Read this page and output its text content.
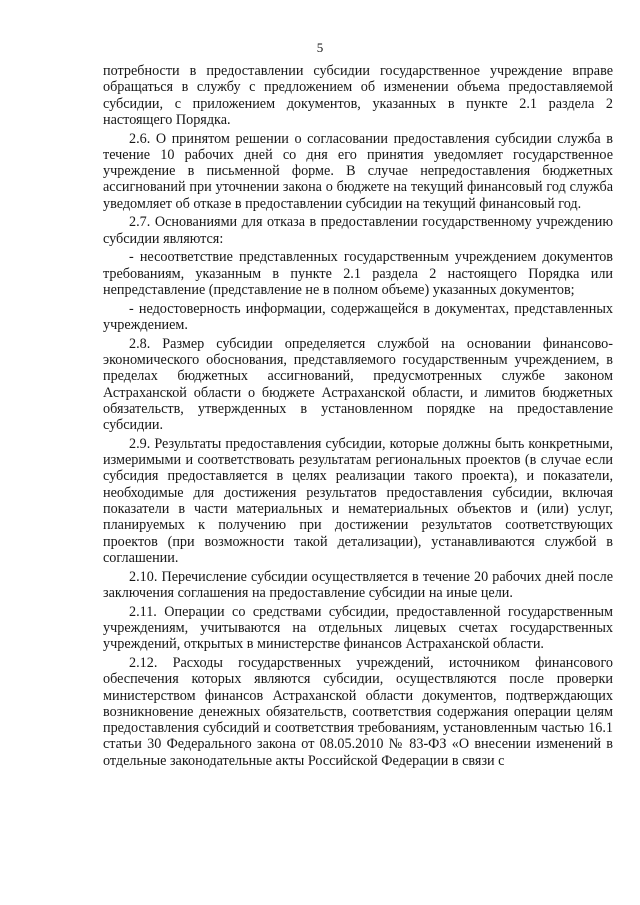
5

потребности в предоставлении субсидии государственное учреждение вправе обращаться в службу с предложением об изменении объема предоставляемой субсидии, с приложением документов, указанных в пункте 2.1 раздела 2 настоящего Порядка.

2.6. О принятом решении о согласовании предоставления субсидии служба в течение 10 рабочих дней со дня его принятия уведомляет государственное учреждение в письменной форме. В случае непредоставления бюджетных ассигнований при уточнении закона о бюджете на текущий финансовый год служба уведомляет об отказе в предоставлении субсидии на текущий финансовый год.

2.7. Основаниями для отказа в предоставлении государственному учреждению субсидии являются:

- несоответствие представленных государственным учреждением документов требованиям, указанным в пункте 2.1 раздела 2 настоящего Порядка или непредставление (представление не в полном объеме) указанных документов;

- недостоверность информации, содержащейся в документах, представленных учреждением.

2.8. Размер субсидии определяется службой на основании финансово-экономического обоснования, представляемого государственным учреждением, в пределах бюджетных ассигнований, предусмотренных службе законом Астраханской области о бюджете Астраханской области, и лимитов бюджетных обязательств, утвержденных в установленном порядке на предоставление субсидии.

2.9. Результаты предоставления субсидии, которые должны быть конкретными, измеримыми и соответствовать результатам региональных проектов (в случае если субсидия предоставляется в целях реализации такого проекта), и показатели, необходимые для достижения результатов предоставления субсидии, включая показатели в части материальных и нематериальных объектов и (или) услуг, планируемых к получению при достижении результатов соответствующих проектов (при возможности такой детализации), устанавливаются службой в соглашении.

2.10. Перечисление субсидии осуществляется в течение 20 рабочих дней после заключения соглашения на предоставление субсидии на иные цели.

2.11. Операции со средствами субсидии, предоставленной государственным учреждениям, учитываются на отдельных лицевых счетах государственных учреждений, открытых в министерстве финансов Астраханской области.

2.12. Расходы государственных учреждений, источником финансового обеспечения которых являются субсидии, осуществляются после проверки министерством финансов Астраханской области документов, подтверждающих возникновение денежных обязательств, соответствия содержания операции целям предоставления субсидий и соответствия требованиям, установленным частью 16.1 статьи 30 Федерального закона от 08.05.2010 № 83-ФЗ «О внесении изменений в отдельные законодательные акты Российской Федерации в связи с
